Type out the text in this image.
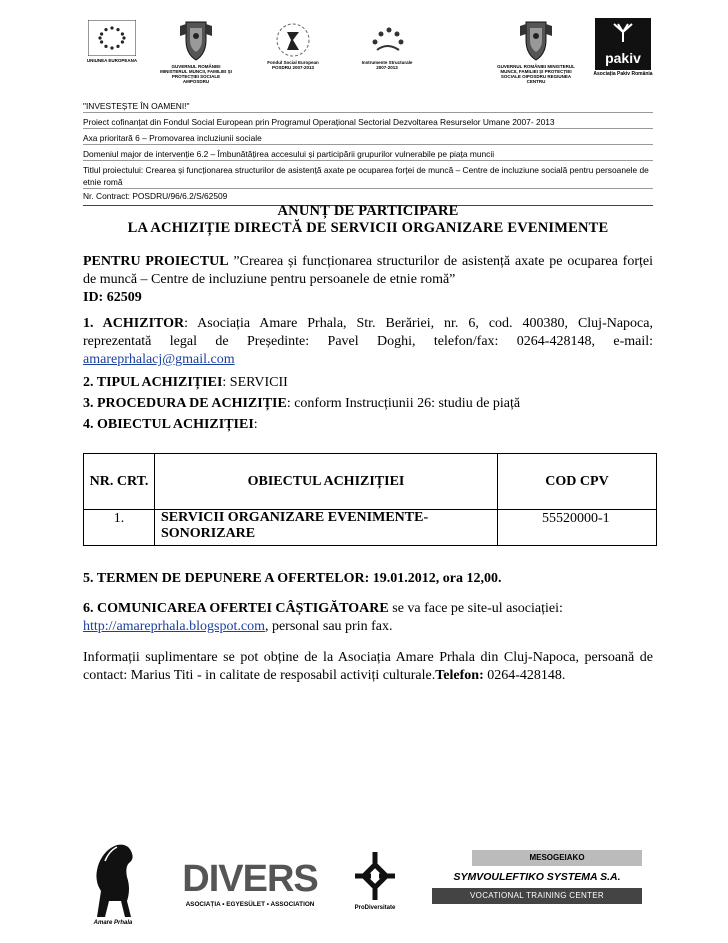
UNIUNEA EUROPEANA
GUVERNUL ROMÂNIEI MINISTERUL MUNCII, FAMILIEI ȘI PROTECȚIEI SOCIALE AMPOSDRU
Fondul Social European POSDRU 2007-2013
Instrumente Structurale 2007-2013	GUVERNUL ROMÂNIEI MINISTERUL MUNCII, FAMILIEI ȘI PROTECȚIEI SOCIALE OIPOSDRU REGIUNEA CENTRU
pakiv
Asociația Pakiv România
"INVESTEȘTE ÎN OAMENI!"
Proiect cofinanțat din Fondul Social European prin Programul Operațional Sectorial Dezvoltarea Resurselor Umane 2007- 2013
Axa prioritară 6 – Promovarea incluziunii sociale
Domeniul major de intervenție 6.2 – Îmbunătățirea accesului și participării grupurilor vulnerabile pe piața muncii
Titlul proiectului: Crearea și funcționarea structurilor de asistență axate pe ocuparea forței de muncă – Centre de incluziune socială pentru persoanele de etnie romă
Nr. Contract: POSDRU/96/6.2/S/62509
ANUNȚ DE PARTICIPARE
LA ACHIZIȚIE DIRECTĂ DE SERVICII ORGANIZARE EVENIMENTE
PENTRU PROIECTUL ”Crearea și funcționarea structurilor de asistență axate pe ocuparea forței de muncă – Centre de incluziune pentru persoanele de etnie romă”
ID: 62509
1. ACHIZITOR: Asociația Amare Prhala, Str. Berăriei, nr. 6, cod. 400380, Cluj-Napoca, reprezentată legal de Președinte: Pavel Doghi, telefon/fax: 0264-428148, e-mail: amareprhalacj@gmail.com
2. TIPUL ACHIZIȚIEI: SERVICII
3. PROCEDURA DE ACHIZIȚIE: conform Instrucțiunii 26: studiu de piață
4. OBIECTUL ACHIZIȚIEI:
NR. CRT.	OBIECTUL ACHIZIȚIEI	COD CPV
1.	SERVICII ORGANIZARE EVENIMENTE- SONORIZARE	55520000-1
5. TERMEN DE DEPUNERE A OFERTELOR: 19.01.2012, ora 12,00.
6. COMUNICAREA OFERTEI CÂȘTIGĂTOARE se va face pe site-ul asociației:
http://amareprhala.blogspot.com, personal sau prin fax.
Informații suplimentare se pot obține de la Asociația Amare Prhala din Cluj-Napoca, persoană de contact: Marius Titi - in calitate de resposabil activiți culturale.Telefon: 0264-428148.
Amare Prhala
DIVERS
ASOCIAȚIA • EGYESÜLET • ASSOCIATION	ProDiversitate
MESOGEIAKO
SYMVOULEFTIKO SYSTEMA S.A.
VOCATIONAL TRAINING CENTER
